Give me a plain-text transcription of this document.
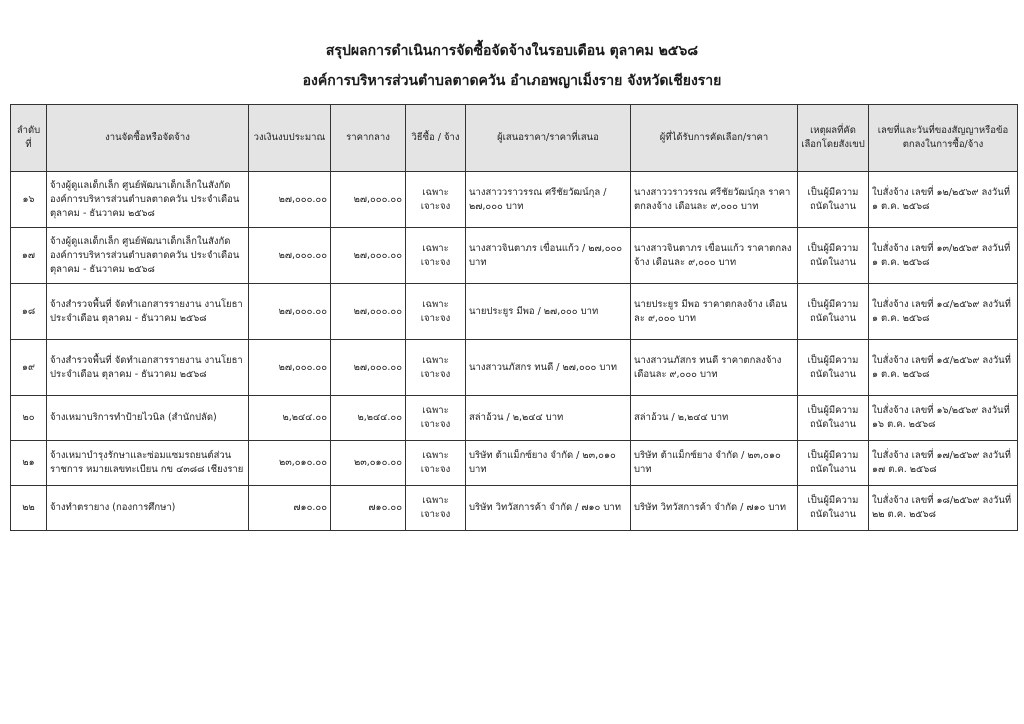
สรุปผลการดำเนินการจัดซื้อจัดจ้างในรอบเดือน ตุลาคม ๒๕๖๘
องค์การบริหารส่วนตำบลตาดควัน อำเภอพญาเม็งราย จังหวัดเชียงราย
ลำดับที่	งานจัดซื้อหรือจัดจ้าง	วงเงินงบประมาณ	ราคากลาง	วิธีซื้อ / จ้าง	ผู้เสนอราคา/ราคาที่เสนอ	ผู้ที่ได้รับการคัดเลือก/ราคา	เหตุผลที่คัดเลือกโดยสังเขป	เลขที่และวันที่ของสัญญาหรือข้อตกลงในการซื้อ/จ้าง
๑๖	จ้างผู้ดูแลเด็กเล็ก ศูนย์พัฒนาเด็กเล็กในสังกัด องค์การบริหารส่วนตำบลตาดควัน ประจำเดือน ตุลาคม - ธันวาคม ๒๕๖๘	๒๗,๐๐๐.๐๐	๒๗,๐๐๐.๐๐	เฉพาะเจาะจง	นางสาววราวรรณ ศรีชัยวัฒน์กุล / ๒๗,๐๐๐ บาท	นางสาววราวรรณ ศรีชัยวัฒน์กุล ราคาตกลงจ้าง เดือนละ ๙,๐๐๐ บาท	เป็นผู้มีความถนัดในงาน	ใบสั่งจ้าง เลขที่ ๑๒/๒๕๖๙ ลงวันที่ ๑ ต.ค. ๒๕๖๘
๑๗	จ้างผู้ดูแลเด็กเล็ก ศูนย์พัฒนาเด็กเล็กในสังกัด องค์การบริหารส่วนตำบลตาดควัน ประจำเดือน ตุลาคม - ธันวาคม ๒๕๖๘	๒๗,๐๐๐.๐๐	๒๗,๐๐๐.๐๐	เฉพาะเจาะจง	นางสาวจินตาภร เขื่อนแก้ว / ๒๗,๐๐๐ บาท	นางสาวจินตาภร เขื่อนแก้ว ราคาตกลงจ้าง เดือนละ ๙,๐๐๐ บาท	เป็นผู้มีความถนัดในงาน	ใบสั่งจ้าง เลขที่ ๑๓/๒๕๖๙ ลงวันที่ ๑ ต.ค. ๒๕๖๘
๑๘	จ้างสำรวจพื้นที่ จัดทำเอกสารรายงาน งานโยธา ประจำเดือน ตุลาคม - ธันวาคม ๒๕๖๘	๒๗,๐๐๐.๐๐	๒๗,๐๐๐.๐๐	เฉพาะเจาะจง	นายประยูร มีพอ / ๒๗,๐๐๐ บาท	นายประยูร มีพอ ราคาตกลงจ้าง เดือนละ ๙,๐๐๐ บาท	เป็นผู้มีความถนัดในงาน	ใบสั่งจ้าง เลขที่ ๑๔/๒๕๖๙ ลงวันที่ ๑ ต.ค. ๒๕๖๘
๑๙	จ้างสำรวจพื้นที่ จัดทำเอกสารรายงาน งานโยธา ประจำเดือน ตุลาคม - ธันวาคม ๒๕๖๘	๒๗,๐๐๐.๐๐	๒๗,๐๐๐.๐๐	เฉพาะเจาะจง	นางสาวนภัสกร ทนดี / ๒๗,๐๐๐ บาท	นางสาวนภัสกร ทนดี ราคาตกลงจ้าง เดือนละ ๙,๐๐๐ บาท	เป็นผู้มีความถนัดในงาน	ใบสั่งจ้าง เลขที่ ๑๕/๒๕๖๙ ลงวันที่ ๑ ต.ค. ๒๕๖๘
๒๐	จ้างเหมาบริการทำป้ายไวนิล (สำนักปลัด)	๒,๒๔๔.๐๐	๒,๒๔๔.๐๐	เฉพาะเจาะจง	สล่าอ้วน / ๒,๒๔๔ บาท	สล่าอ้วน / ๒,๒๔๔ บาท	เป็นผู้มีความถนัดในงาน	ใบสั่งจ้าง เลขที่ ๑๖/๒๕๖๙ ลงวันที่ ๑๖ ต.ค. ๒๕๖๘
๒๑	จ้างเหมาบำรุงรักษาและซ่อมแซมรถยนต์ส่วนราชการ หมายเลขทะเบียน กข ๔๓๘๘ เชียงราย	๒๓,๐๑๐.๐๐	๒๓,๐๑๐.๐๐	เฉพาะเจาะจง	บริษัท ต้าแม็กซ์ยาง จำกัด / ๒๓,๐๑๐ บาท	บริษัท ต้าแม็กซ์ยาง จำกัด / ๒๓,๐๑๐ บาท	เป็นผู้มีความถนัดในงาน	ใบสั่งจ้าง เลขที่ ๑๗/๒๕๖๙ ลงวันที่ ๑๗ ต.ค. ๒๕๖๘
๒๒	จ้างทำตรายาง (กองการศึกษา)	๗๑๐.๐๐	๗๑๐.๐๐	เฉพาะเจาะจง	บริษัท วิทวัสการค้า จำกัด / ๗๑๐ บาท	บริษัท วิทวัสการค้า จำกัด / ๗๑๐ บาท	เป็นผู้มีความถนัดในงาน	ใบสั่งจ้าง เลขที่ ๑๘/๒๕๖๙ ลงวันที่ ๒๒ ต.ค. ๒๕๖๘
